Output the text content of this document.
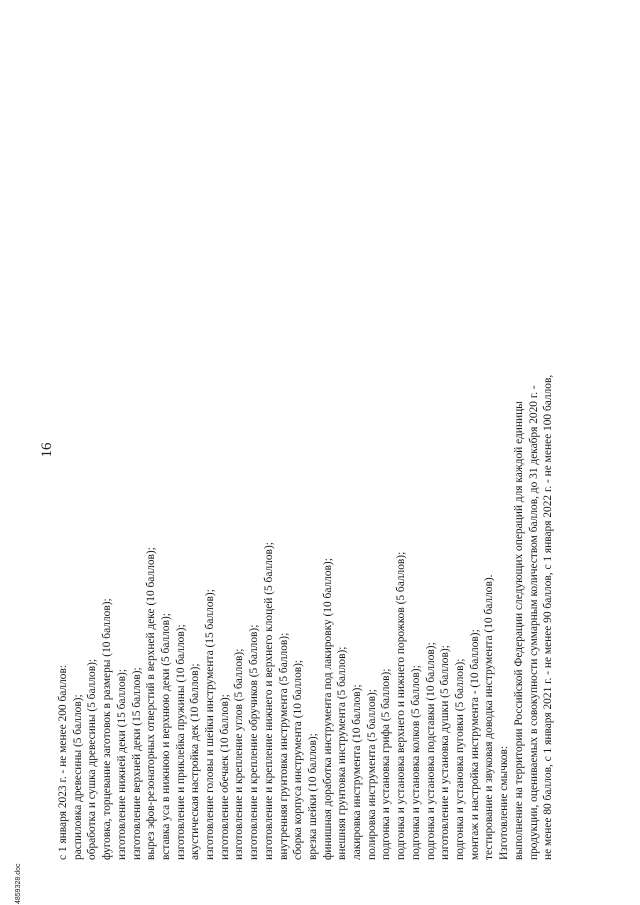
16

с 1 января 2023 г. - не менее 200 баллов: распиловка древесины (5 баллов); обработка и сушка древесины (5 баллов); фуговка, торцевание заготовок в размеры (10 баллов); изготовление нижней деки (15 баллов); изготовление верхней деки (15 баллов); вырез эфов-резонаторных отверстий в верхней деке (10 баллов); вставка уса в нижнюю и верхнюю деки (5 баллов); изготовление и приклейка пружины (10 баллов); акустическая настройка дек (10 баллов); изготовление головы и шейки инструмента (15 баллов); изготовление обечаек (10 баллов); изготовление и крепление углов (5 баллов); изготовление и крепление обручиков (5 баллов); изготовление и крепление нижнего и верхнего клоцей (5 баллов); внутренняя грунтовка инструмента (5 баллов); сборка корпуса инструмента (10 баллов); врезка шейки (10 баллов); финишная доработка инструмента под лакировку (10 баллов); внешняя грунтовка инструмента (5 баллов); лакировка инструмента (10 баллов); полировка инструмента (5 баллов); подгонка и установка грифа (5 баллов); подгонка и установка верхнего и нижнего порожков (5 баллов); подгонка и установка колков (5 баллов); подгонка и установка подставки (10 баллов); изготовление и установка душки (5 баллов); подгонка и установка пуговки (5 баллов); монтаж и настройка инструмента - (10 баллов); тестирование и звуковая доводка инструмента (10 баллов). Изготовление смычков: выполнение на территории Российской Федерации следующих операций для каждой единицы продукции, оцениваемых в совокупности суммарным количеством баллов, до 31 декабря 2020 г. - не менее 80 баллов, с 1 января 2021 г. - не менее 90 баллов, с 1 января 2022 г. - не менее 100 баллов,

4859328.doc
